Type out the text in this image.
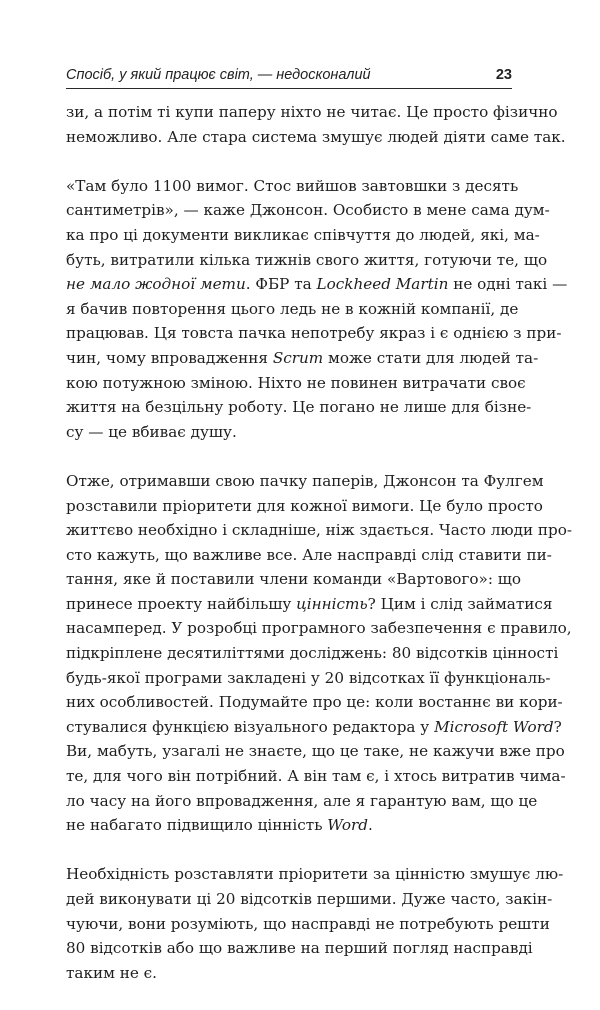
Спосіб, у який працює світ, — недосконалий	23
зи, а потім ті купи паперу ніхто не читає. Це просто фізично
неможливо. Але стара система змушує людей діяти саме так.
«Там було 1100 вимог. Стос вийшов завтовшки з десять
сантиметрів», — каже Джонсон. Особисто в мене сама дум-
ка про ці документи викликає співчуття до людей, які, ма-
буть, витратили кілька тижнів свого життя, готуючи те, що
не мало жодної мети. ФБР та Lockheed Martin не одні такі —
я бачив повторення цього ледь не в кожній компанії, де
працював. Ця товста пачка непотребу якраз і є однією з при-
чин, чому впровадження Scrum може стати для людей та-
кою потужною зміною. Ніхто не повинен витрачати своє
життя на безцільну роботу. Це погано не лише для бізне-
су — це вбиває душу.
Отже, отримавши свою пачку паперів, Джонсон та Фулгем
розставили пріоритети для кожної вимоги. Це було просто
життєво необхідно і складніше, ніж здається. Часто люди про-
сто кажуть, що важливе все. Але насправді слід ставити пи-
тання, яке й поставили члени команди «Вартового»: що
принесе проекту найбільшу цінність? Цим і слід займатися
насамперед. У розробці програмного забезпечення є правило,
підкріплене десятиліттями досліджень: 80 відсотків цінності
будь-якої програми закладені у 20 відсотках її функціональ-
них особливостей. Подумайте про це: коли востаннє ви кори-
стувалися функцією візуального редактора у Microsoft Word?
Ви, мабуть, узагалі не знаєте, що це таке, не кажучи вже про
те, для чого він потрібний. А він там є, і хтось витратив чима-
ло часу на його впровадження, але я гарантую вам, що це
не набагато підвищило цінність Word.
Необхідність розставляти пріоритети за цінністю змушує лю-
дей виконувати ці 20 відсотків першими. Дуже часто, закін-
чуючи, вони розуміють, що насправді не потребують решти
80 відсотків або що важливе на перший погляд насправді
таким не є.
